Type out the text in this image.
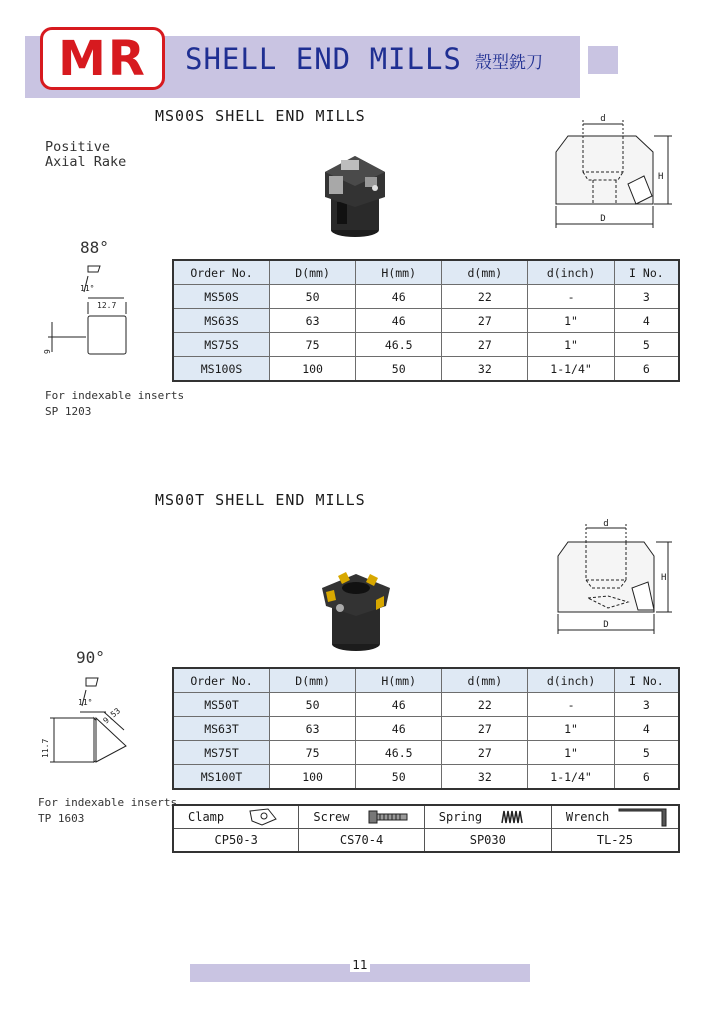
MR	SHELL END MILLS 殼型銑刀
MS00S SHELL END MILLS
Positive
Axial Rake
d
H
D
88°
11°
12.7
9
For indexable inserts
SP 1203
Order No.	D(mm)	H(mm)	d(mm)	d(inch)	I No.
MS50S	50	46	22	-	3
MS63S	63	46	27	1"	4
MS75S	75	46.5	27	1"	5
MS100S	100	50	32	1-1/4"	6
MS00T SHELL END MILLS
d
H
D
90°
11°
9.53
11.7
For indexable inserts
TP 1603
Order No.	D(mm)	H(mm)	d(mm)	d(inch)	I No.
MS50T	50	46	22	-	3
MS63T	63	46	27	1"	4
MS75T	75	46.5	27	1"	5
MS100T	100	50	32	1-1/4"	6
Clamp	Screw	Spring	Wrench

CP50-3	CS70-4	SP030	TL-25
11
